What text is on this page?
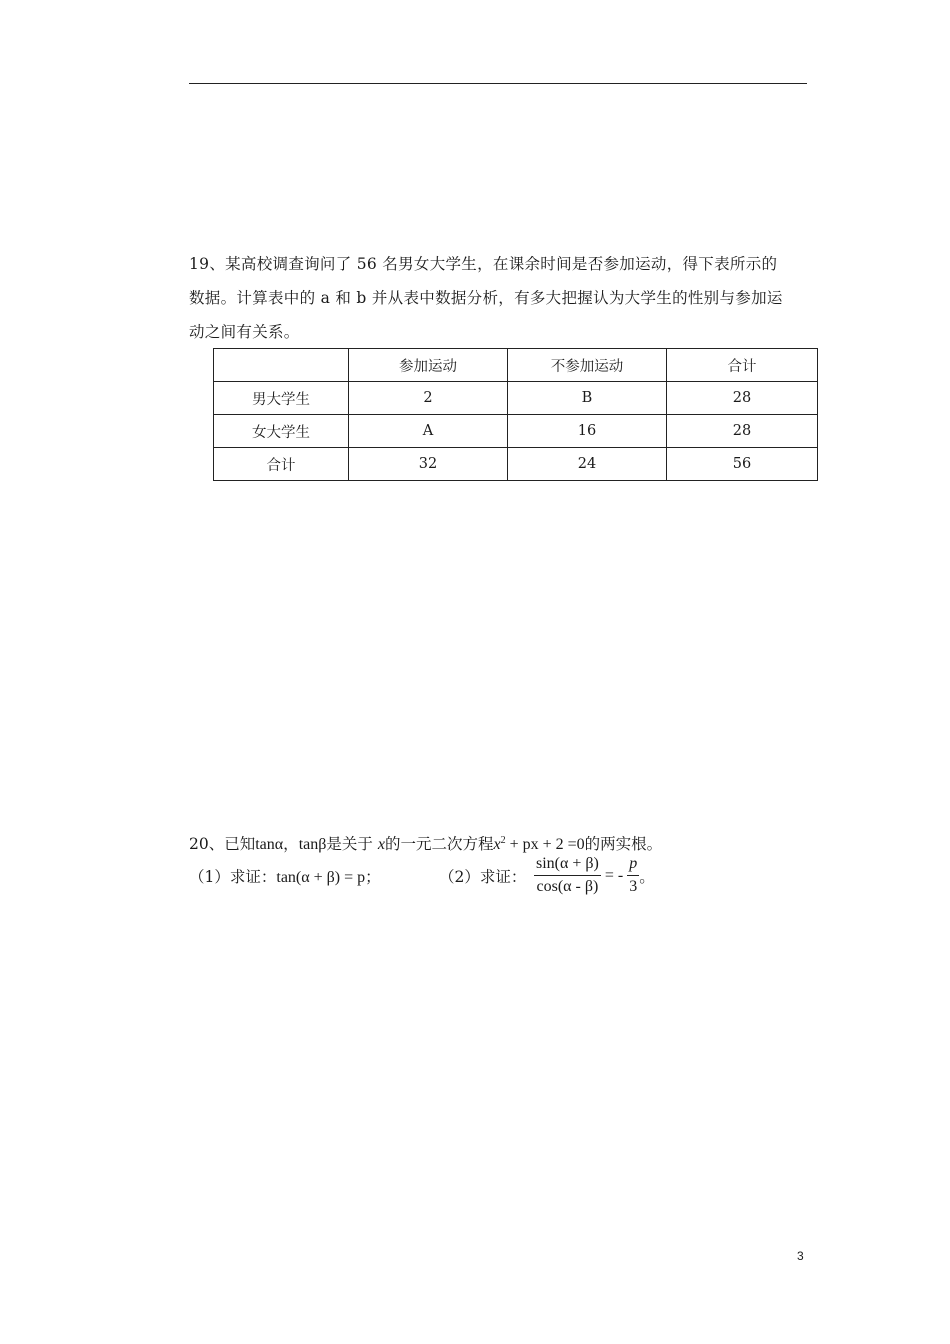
19、某高校调查询问了 56 名男女大学生，在课余时间是否参加运动，得下表所示的

数据。计算表中的 a 和 b 并从表中数据分析，有多大把握认为大学生的性别与参加运

动之间有关系。

	参加运动	不参加运动	合计
男大学生	2	B	28
女大学生	A	16	28
合计	32	24	56
20、已知tanα，tanβ是关于 x的一元二次方程$x^2$ + px + 2 =0的两实根。
（1）求证：tan(α + β) = p；	（2）求证： $\frac{\sin(\alpha + \beta)}{\cos(\alpha - \beta)}$ = - $\frac{p}{3}$ 。
3
